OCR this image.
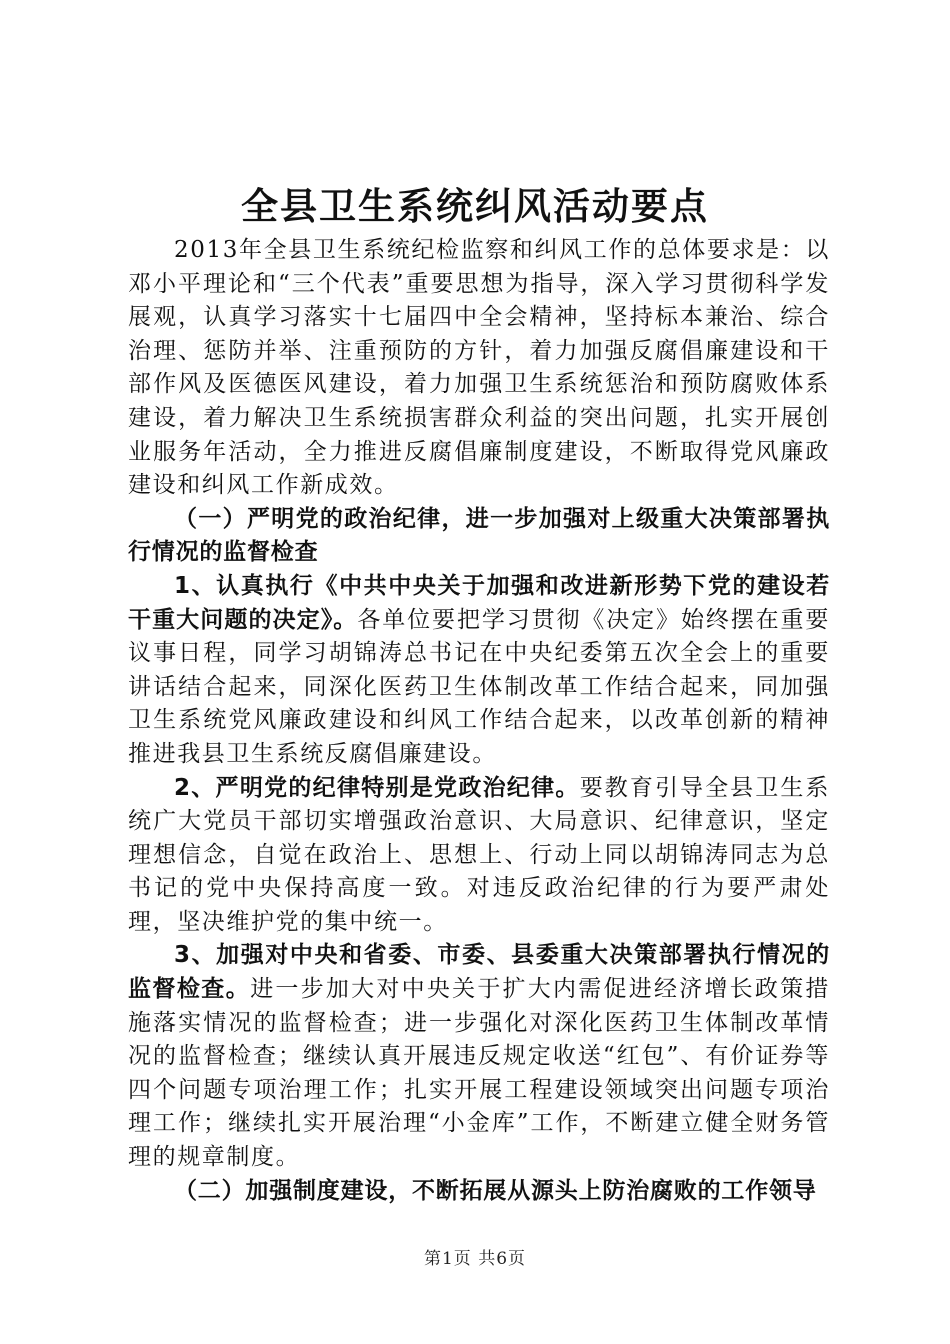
全县卫生系统纠风活动要点

2013年全县卫生系统纪检监察和纠风工作的总体要求是：以邓小平理论和“三个代表”重要思想为指导，深入学习贯彻科学发展观，认真学习落实十七届四中全会精神，坚持标本兼治、综合治理、惩防并举、注重预防的方针，着力加强反腐倡廉建设和干部作风及医德医风建设，着力加强卫生系统惩治和预防腐败体系建设，着力解决卫生系统损害群众利益的突出问题，扎实开展创业服务年活动，全力推进反腐倡廉制度建设，不断取得党风廉政建设和纠风工作新成效。

（一）严明党的政治纪律，进一步加强对上级重大决策部署执行情况的监督检查

1、认真执行《中共中央关于加强和改进新形势下党的建设若干重大问题的决定》。各单位要把学习贯彻《决定》始终摆在重要议事日程，同学习胡锦涛总书记在中央纪委第五次全会上的重要讲话结合起来，同深化医药卫生体制改革工作结合起来，同加强卫生系统党风廉政建设和纠风工作结合起来，以改革创新的精神推进我县卫生系统反腐倡廉建设。

2、严明党的纪律特别是党政治纪律。要教育引导全县卫生系统广大党员干部切实增强政治意识、大局意识、纪律意识，坚定理想信念，自觉在政治上、思想上、行动上同以胡锦涛同志为总书记的党中央保持高度一致。对违反政治纪律的行为要严肃处理，坚决维护党的集中统一。

3、加强对中央和省委、市委、县委重大决策部署执行情况的监督检查。进一步加大对中央关于扩大内需促进经济增长政策措施落实情况的监督检查；进一步强化对深化医药卫生体制改革情况的监督检查；继续认真开展违反规定收送“红包”、有价证券等四个问题专项治理工作；扎实开展工程建设领域突出问题专项治理工作；继续扎实开展治理“小金库”工作，不断建立健全财务管理的规章制度。

（二）加强制度建设，不断拓展从源头上防治腐败的工作领导

第1页 共6页
